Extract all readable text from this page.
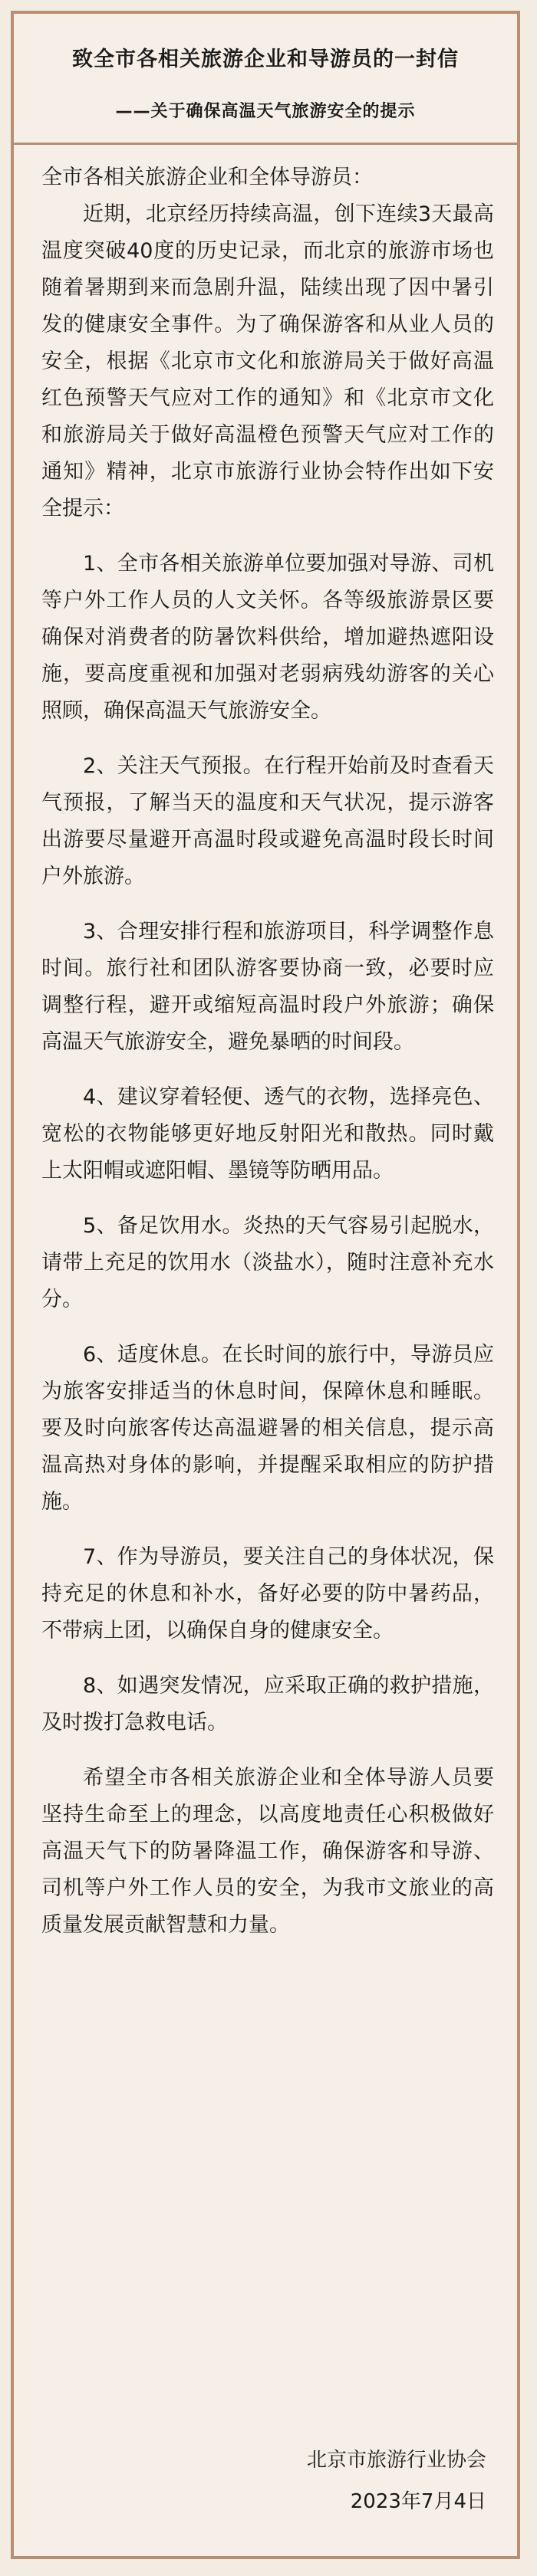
致全市各相关旅游企业和导游员的一封信
——关于确保高温天气旅游安全的提示

全市各相关旅游企业和全体导游员：

近期，北京经历持续高温，创下连续3天最高温度突破40度的历史记录，而北京的旅游市场也随着暑期到来而急剧升温，陆续出现了因中暑引发的健康安全事件。为了确保游客和从业人员的安全，根据《北京市文化和旅游局关于做好高温红色预警天气应对工作的通知》和《北京市文化和旅游局关于做好高温橙色预警天气应对工作的通知》精神，北京市旅游行业协会特作出如下安全提示：

1、全市各相关旅游单位要加强对导游、司机等户外工作人员的人文关怀。各等级旅游景区要确保对消费者的防暑饮料供给，增加避热遮阳设施，要高度重视和加强对老弱病残幼游客的关心照顾，确保高温天气旅游安全。

2、关注天气预报。在行程开始前及时查看天气预报，了解当天的温度和天气状况，提示游客出游要尽量避开高温时段或避免高温时段长时间户外旅游。

3、合理安排行程和旅游项目，科学调整作息时间。旅行社和团队游客要协商一致，必要时应调整行程，避开或缩短高温时段户外旅游；确保高温天气旅游安全，避免暴晒的时间段。

4、建议穿着轻便、透气的衣物，选择亮色、宽松的衣物能够更好地反射阳光和散热。同时戴上太阳帽或遮阳帽、墨镜等防晒用品。

5、备足饮用水。炎热的天气容易引起脱水，请带上充足的饮用水（淡盐水），随时注意补充水分。

6、适度休息。在长时间的旅行中，导游员应为旅客安排适当的休息时间，保障休息和睡眠。要及时向旅客传达高温避暑的相关信息，提示高温高热对身体的影响，并提醒采取相应的防护措施。

7、作为导游员，要关注自己的身体状况，保持充足的休息和补水，备好必要的防中暑药品，不带病上团，以确保自身的健康安全。

8、如遇突发情况，应采取正确的救护措施，及时拨打急救电话。

希望全市各相关旅游企业和全体导游人员要坚持生命至上的理念，以高度地责任心积极做好高温天气下的防暑降温工作，确保游客和导游、司机等户外工作人员的安全，为我市文旅业的高质量发展贡献智慧和力量。

北京市旅游行业协会
2023年7月4日
